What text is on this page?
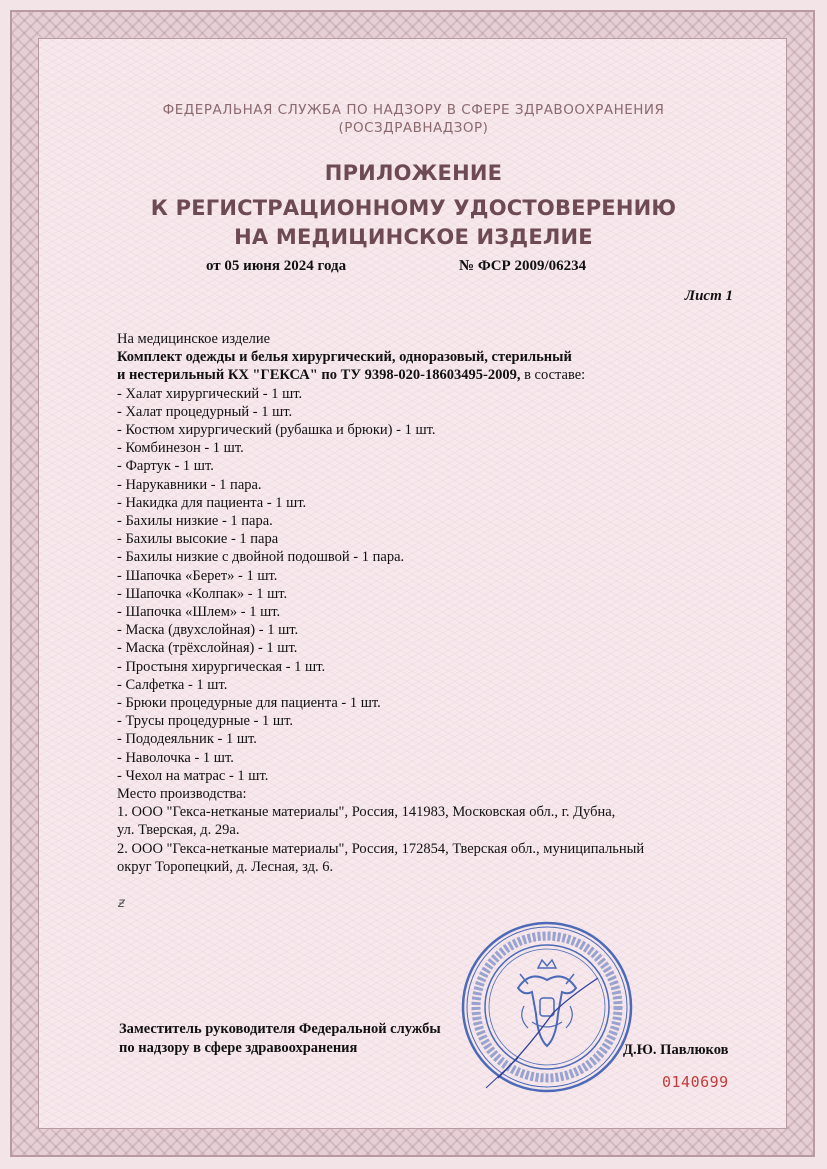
ФЕДЕРАЛЬНАЯ СЛУЖБА ПО НАДЗОРУ В СФЕРЕ ЗДРАВООХРАНЕНИЯ
(РОСЗДРАВНАДЗОР)
ПРИЛОЖЕНИЕ
К РЕГИСТРАЦИОННОМУ УДОСТОВЕРЕНИЮ
НА МЕДИЦИНСКОЕ ИЗДЕЛИЕ
от 05 июня 2024 года	№ ФСР 2009/06234
Лист 1
На медицинское изделие
Комплект одежды и белья хирургический, одноразовый, стерильный
и нестерильный КХ "ГЕКСА" по ТУ 9398-020-18603495-2009, в составе:
- Халат хирургический - 1 шт.
- Халат процедурный - 1 шт.
- Костюм хирургический (рубашка и брюки) - 1 шт.
- Комбинезон - 1 шт.
- Фартук - 1 шт.
- Нарукавники - 1 пара.
- Накидка для пациента - 1 шт.
- Бахилы низкие - 1 пара.
- Бахилы высокие - 1 пара
- Бахилы низкие с двойной подошвой - 1 пара.
- Шапочка «Берет» - 1 шт.
- Шапочка «Колпак» - 1 шт.
- Шапочка «Шлем» - 1 шт.
- Маска (двухслойная) - 1 шт.
- Маска (трёхслойная) - 1 шт.
- Простыня хирургическая - 1 шт.
- Салфетка - 1 шт.
- Брюки процедурные для пациента - 1 шт.
- Трусы процедурные - 1 шт.
- Пододеяльник - 1 шт.
- Наволочка - 1 шт.
- Чехол на матрас - 1 шт.
Место производства:
1. ООО "Гекса-нетканые материалы", Россия, 141983, Московская обл., г. Дубна,
ул. Тверская, д. 29а.
2. ООО "Гекса-нетканые материалы", Россия, 172854, Тверская обл., муниципальный
округ Торопецкий, д. Лесная, зд. 6.
ƶ
Заместитель руководителя Федеральной службы
по надзору в сфере здравоохранения	Д.Ю. Павлюков
0140699
